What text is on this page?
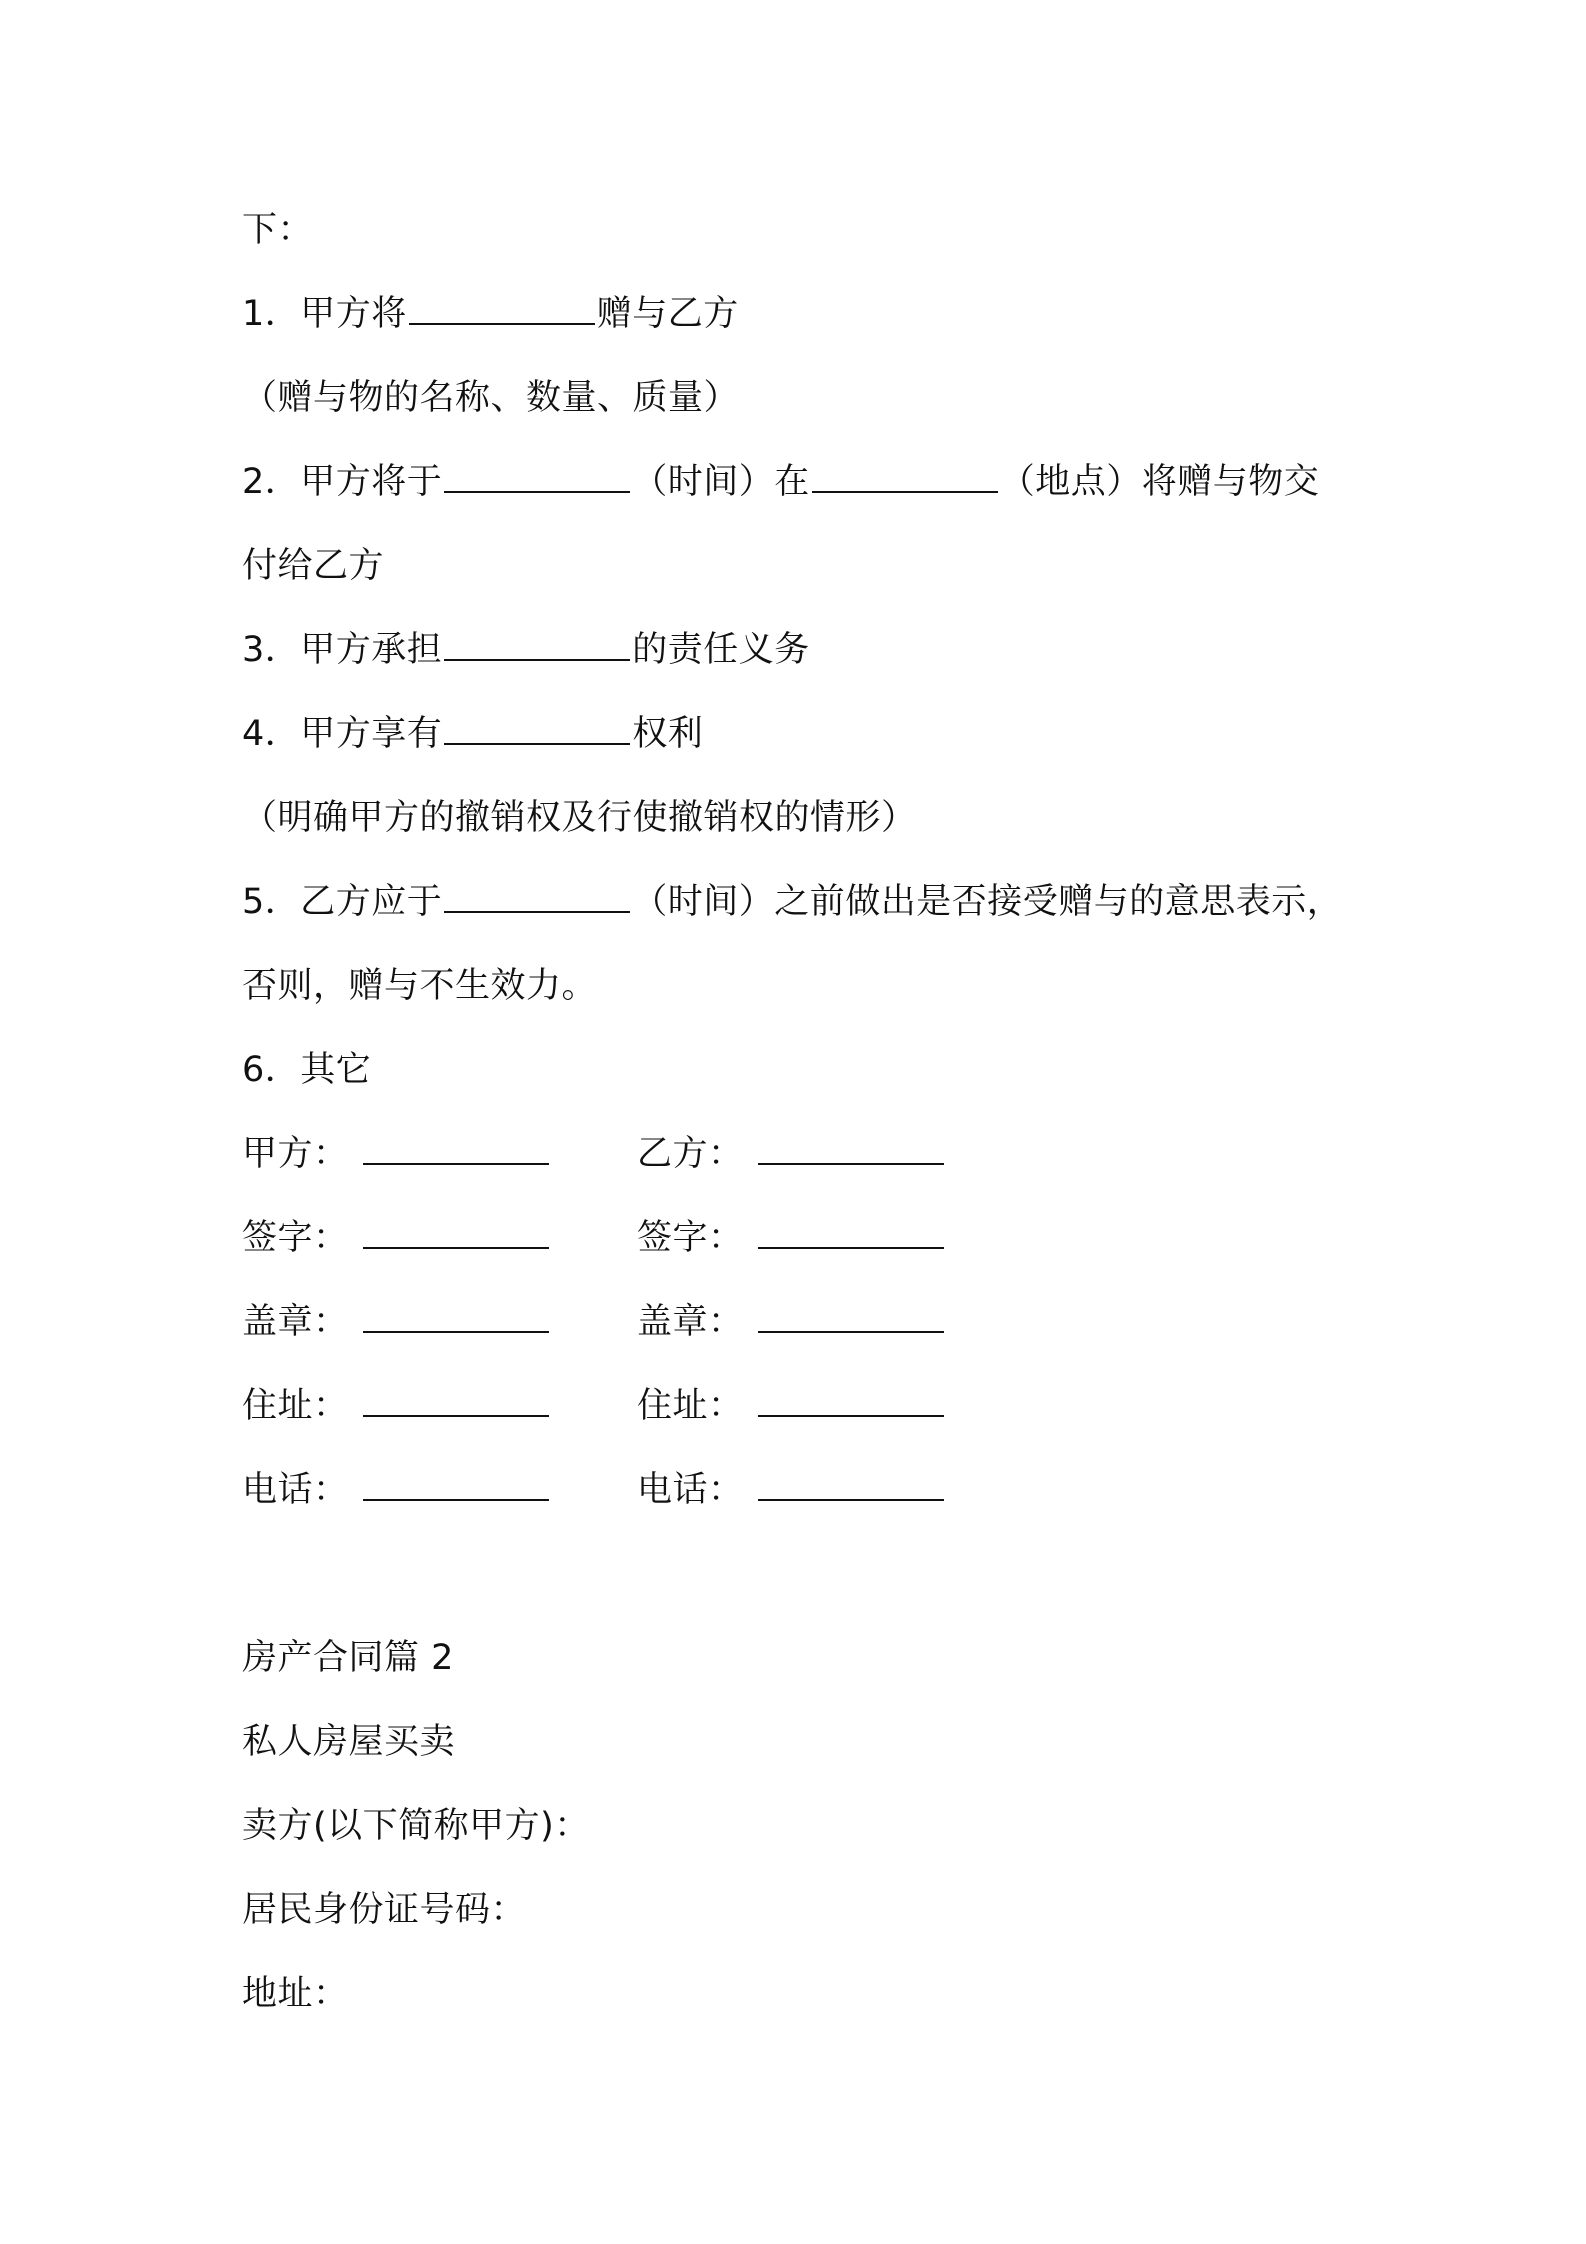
下：
1．甲方将	赠与乙方
（赠与物的名称、数量、质量）
2．甲方将于	（时间）在	（地点）将赠与物交
付给乙方
3．甲方承担	的责任义务
4．甲方享有	权利
（明确甲方的撤销权及行使撤销权的情形）
5．乙方应于	（时间）之前做出是否接受赠与的意思表示，
否则，赠与不生效力。
6．其它
甲方：	乙方：
签字：	签字：
盖章：	盖章：
住址：	住址：
电话：	电话：
房产合同篇 2
私人房屋买卖
卖方(以下简称甲方)：
居民身份证号码：
地址：
